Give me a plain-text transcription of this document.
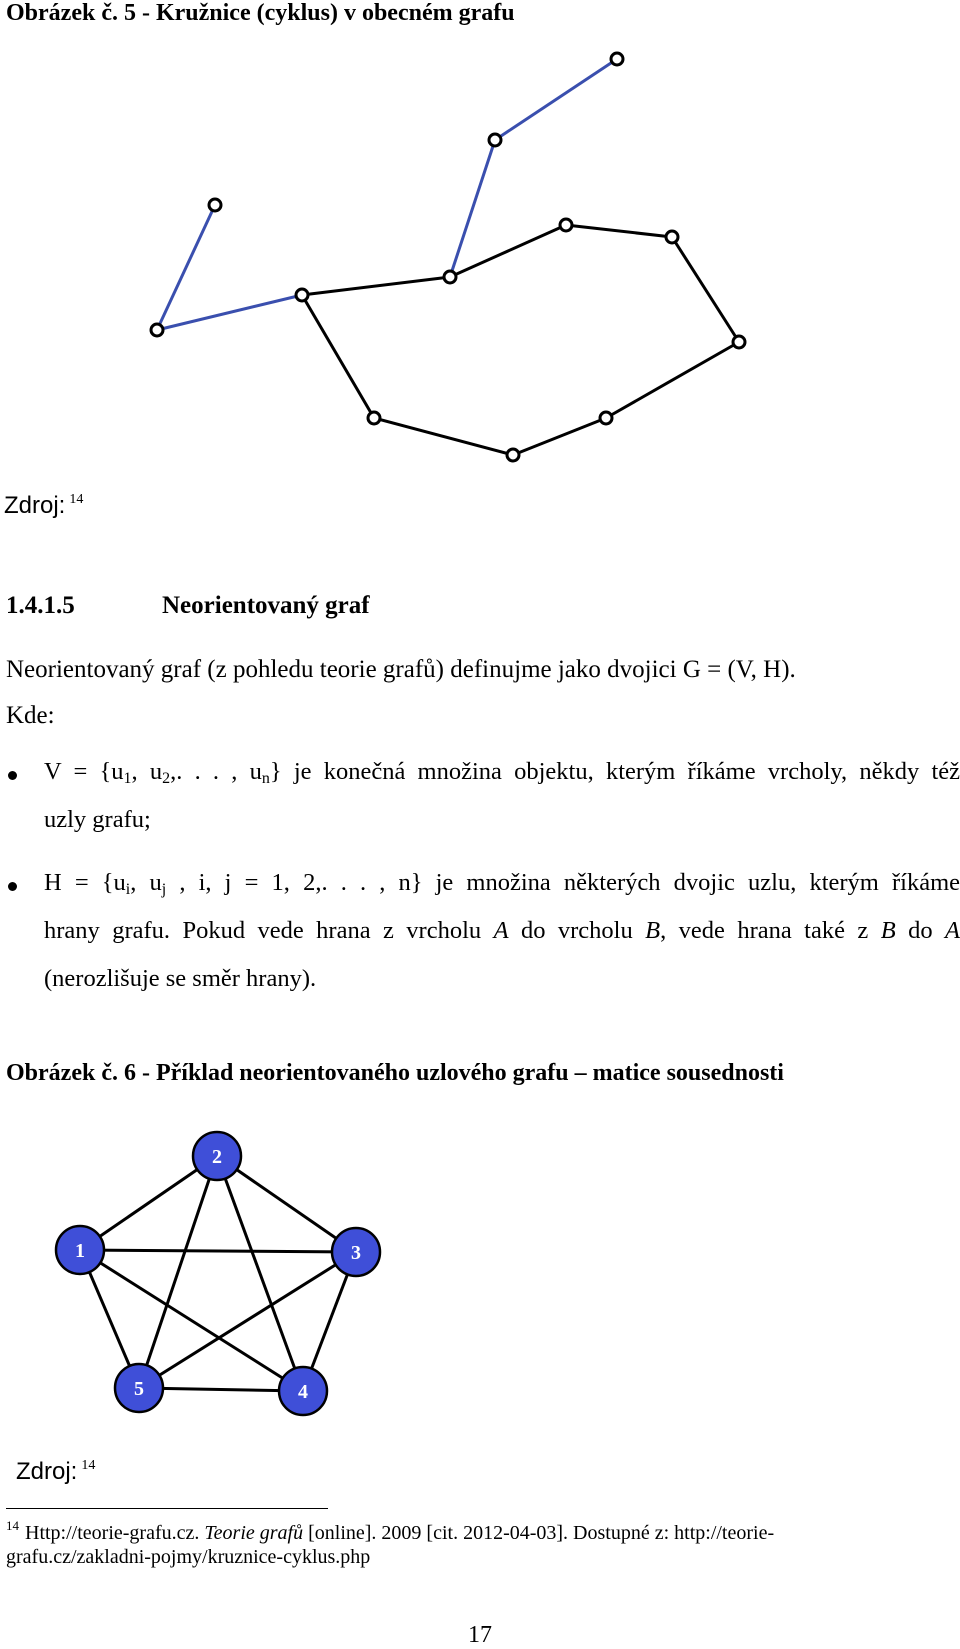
Obrázek č. 5 - Kružnice (cyklus) v obecném grafu
Zdroj: $^{14}$
1.4.1.5	Neorientovaný graf
Neorientovaný graf (z pohledu teorie grafů) definujme jako dvojici G = (V, H).
Kde:
$V = \{u_1$, $u_2$,. . . , $u_n$} je konečná množina objektu, kterým říkáme vrcholy, někdy též
uzly grafu;
$H = \{u_i$, $u_j$ , i, j = 1, 2,. . . , n} je množina některých dvojic uzlu, kterým říkáme
hrany grafu. Pokud vede hrana z vrcholu A do vrcholu B, vede hrana také z B do A
(nerozlišuje se směr hrany).
Obrázek č. 6 - Příklad neorientovaného uzlového grafu – matice sousednosti
1
2
3
4
5
Zdroj: $^{14}$
$^{14}$ Http://teorie-grafu.cz. Teorie grafů [online]. 2009 [cit. 2012-04-03]. Dostupné z: http://teorie-
grafu.cz/zakladni-pojmy/kruznice-cyklus.php
17
